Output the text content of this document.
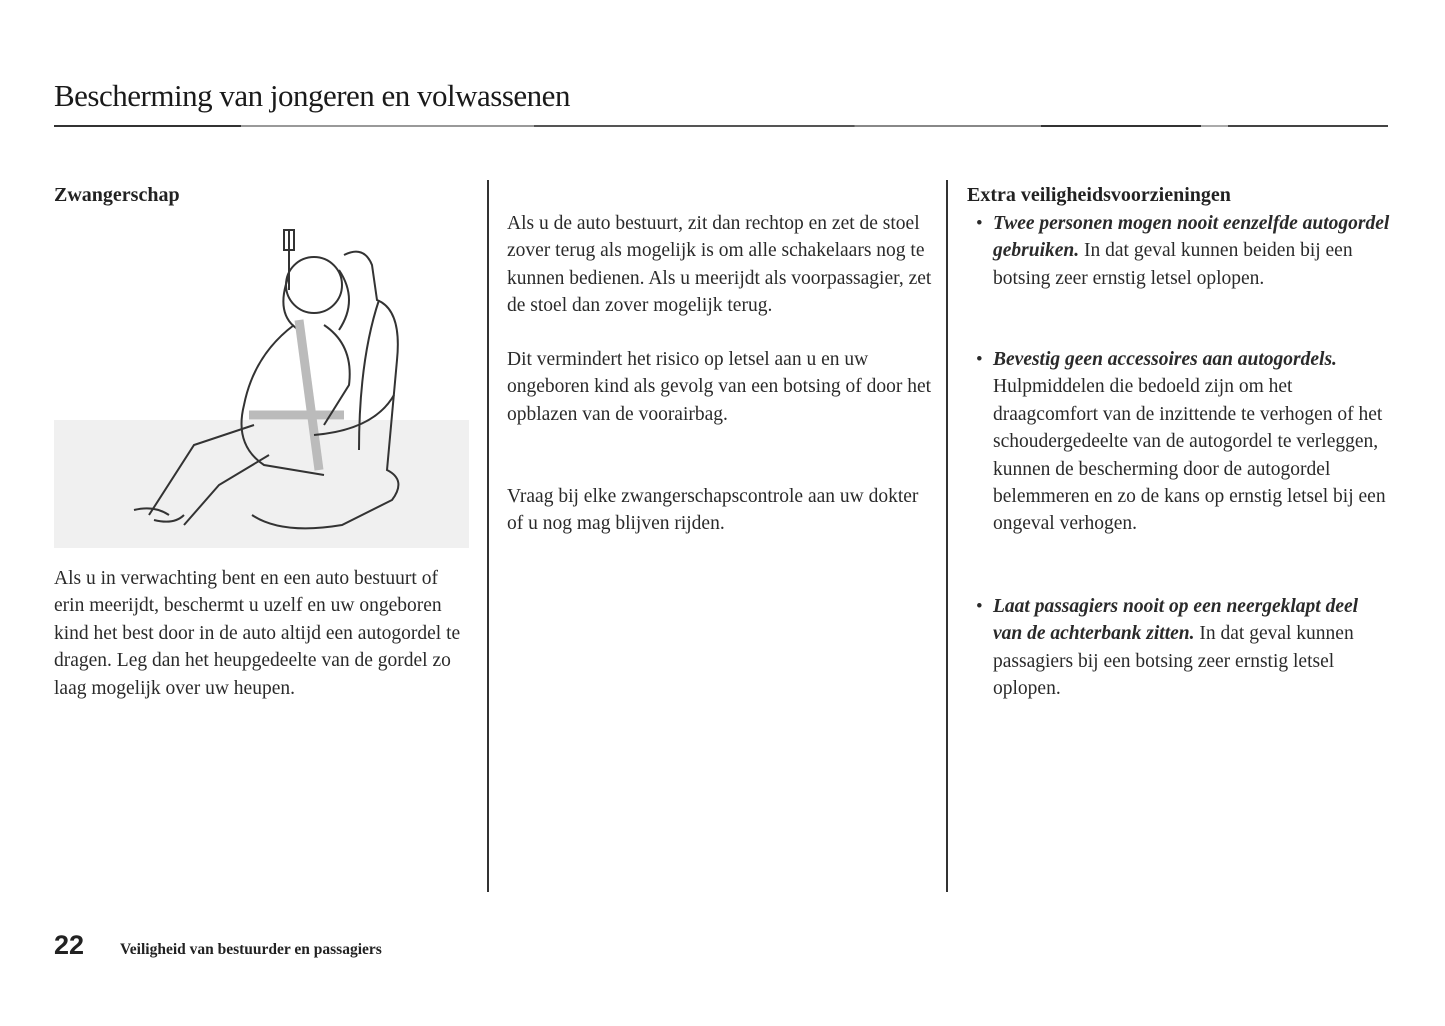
Bescherming van jongeren en volwassenen
Zwangerschap

Als u in verwachting bent en een auto bestuurt of erin meerijdt, beschermt u uzelf en uw ongeboren kind het best door in de auto altijd een autogordel te dragen. Leg dan het heupgedeelte van de gordel zo laag mogelijk over uw heupen.

Als u de auto bestuurt, zit dan rechtop en zet de stoel zover terug als mogelijk is om alle schakelaars nog te kunnen bedienen. Als u meerijdt als voorpassagier, zet de stoel dan zover mogelijk terug.

Dit vermindert het risico op letsel aan u en uw ongeboren kind als gevolg van een botsing of door het opblazen van de voorairbag.

Vraag bij elke zwangerschapscontrole aan uw dokter of u nog mag blijven rijden.

Extra veiligheidsvoorzieningen

• Twee personen mogen nooit eenzelfde autogordel gebruiken. In dat geval kunnen beiden bij een botsing zeer ernstig letsel oplopen.

• Bevestig geen accessoires aan autogordels. Hulpmiddelen die bedoeld zijn om het draagcomfort van de inzittende te verhogen of het schoudergedeelte van de autogordel te verleggen, kunnen de bescherming door de autogordel belemmeren en zo de kans op ernstig letsel bij een ongeval verhogen.

• Laat passagiers nooit op een neergeklapt deel van de achterbank zitten. In dat geval kunnen passagiers bij een botsing zeer ernstig letsel oplopen.

22 Veiligheid van bestuurder en passagiers
